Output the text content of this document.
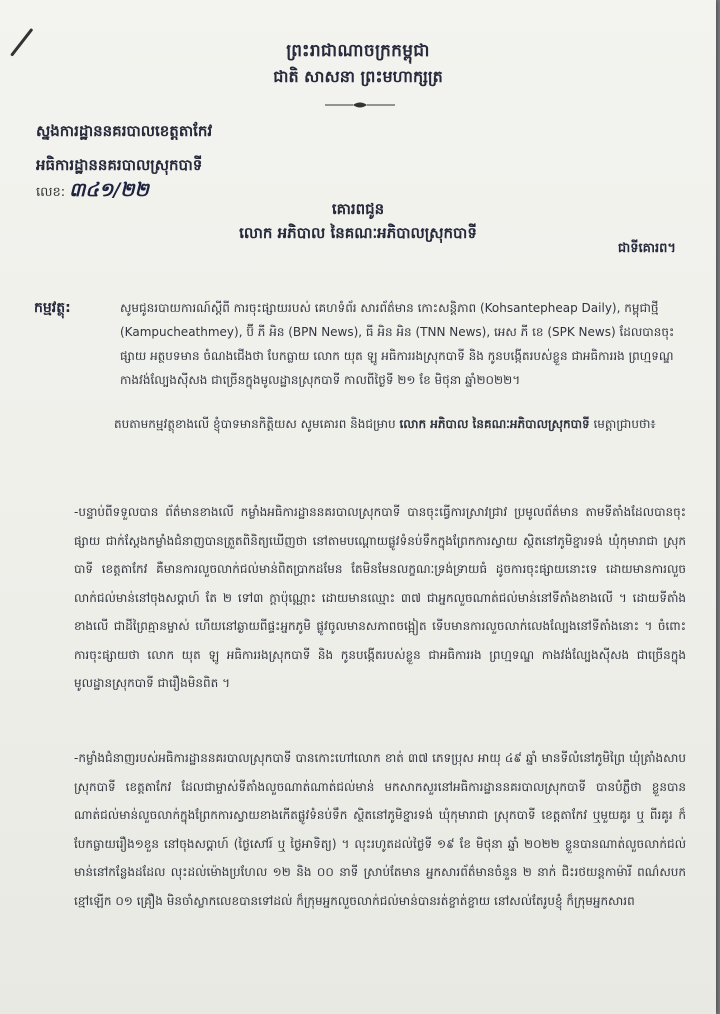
ព្រះរាជាណាចក្រកម្ពុជា
ជាតិ សាសនា ព្រះមហាក្សត្រ
ស្នងការដ្ឋាននគរបាលខេត្តតាកែវ
អធិការដ្ឋាននគរបាលស្រុកបាទី
លេខ: ៣៤១/២២
គោរពជូន
លោក អភិបាល នៃគណៈអភិបាលស្រុកបាទី
ជាទីគោរព។
កម្មវត្ថុ:	សូមជូនរបាយការណ៍ស្តីពី ការចុះផ្សាយរបស់ គេហទំព័រ សារព័ត៌មាន កោះសន្តិភាព (Kohsantepheap Daily), កម្ពុជាថ្មី (Kampucheathmey), ប៊ី ភី អិន (BPN News), ធី អិន អិន (TNN News), អេស ភី ខេ (SPK News) ដែលបានចុះផ្សាយ អត្ថបទមាន ចំណងជើងថា បែកធ្លាយ លោក យុត ឡូ អធិការរងស្រុកបាទី និង កូនបង្កើតរបស់ខ្លួន ជាអធិការរង ព្រហ្មទណ្ឌ កាងវង់ល្បែងស៊ីសង ជាច្រើនក្នុងមូលដ្ឋានស្រុកបាទី កាលពីថ្ងៃទី ២១ ខែ មិថុនា ឆ្នាំ២០២២។
តបតាមកម្មវត្ថុខាងលើ ខ្ញុំបាទមានកិត្តិយស សូមគោរព និងជម្រាប លោក អភិបាល នៃគណៈអភិបាលស្រុកបាទី មេត្តាជ្រាបថា៖
-បន្ទាប់ពីទទួលបាន ព័ត៌មានខាងលើ កម្លាំងអធិការដ្ឋាននគរបាលស្រុកបាទី បានចុះធ្វើការស្រាវជ្រាវ ប្រមូលព័ត៌មាន តាមទីតាំងដែលបានចុះផ្សាយ ជាក់ស្តែងកម្លាំងជំនាញបានត្រួតពិនិត្យឃើញថា នៅតាមបណ្តោយផ្លូវទំនប់ទឹកក្នុងព្រែកការស្វាយ ស្ថិតនៅភូមិខ្នារទង់ ឃុំកុមារាជា ស្រុកបាទី ខេត្តតាកែវ គឺមានការលួចលាក់ជល់មាន់ពិតប្រាកដមែន តែមិនមែនលក្ខណៈទ្រង់ទ្រាយធំ ដូចការចុះផ្សាយនោះទេ ដោយមានការលួចលាក់ជល់មាន់នៅចុងសប្តាហ៍ តែ ២ ទៅ៣ ក្តាប៉ុណ្ណោះ ដោយមានឈ្មោះ ៣៧ ជាអ្នកលួចណាត់ជល់មាន់នៅទីតាំងខាងលើ ។ ដោយទីតាំងខាងលើ ជាដីព្រៃគ្មានម្ចាស់ ហើយនៅឆ្ងាយពីផ្ទះអ្នកភូមិ ផ្លូវចូលមានសភាពចង្អៀត ទើបមានការលួចលាក់លេងល្បែងនៅទីតាំងនោះ ។ ចំពោះការចុះផ្សាយថា លោក យុត ឡូ អធិការរងស្រុកបាទី និង កូនបង្កើតរបស់ខ្លួន ជាអធិការរង ព្រហ្មទណ្ឌ កាងវង់ល្បែងស៊ីសង ជាច្រើនក្នុងមូលដ្ឋានស្រុកបាទី ជារឿងមិនពិត ។
-កម្លាំងជំនាញរបស់អធិការដ្ឋាននគរបាលស្រុកបាទី បានកោះហៅលោក ខាត់ ៣៧ ភេទប្រុស អាយុ ៤៩ ឆ្នាំ មានទីលំនៅភូមិព្រៃ ឃុំត្រាំងសាប ស្រុកបាទី ខេត្តតាកែវ ដែលជាម្ចាស់ទីតាំងលួចណាត់ណាត់ជល់មាន់ មកសាកសួរនៅអធិការដ្ឋាននគរបាលស្រុកបាទី បានបំភ្លឺថា ខ្លួនបានណាត់ជល់មាន់លួចលាក់ក្នុងព្រែកការស្វាយខាងកើតផ្លូវទំនប់ទឹក ស្ថិតនៅភូមិខ្នារទង់ ឃុំកុមារាជា ស្រុកបាទី ខេត្តតាកែវ ឬមួយគូរ ឬ ពីរគូរ ក៏ បែកធ្លាយរឿង១ខួន នៅចុងសប្តាហ៍ (ថ្ងៃសៅរ៍ ឬ ថ្ងៃអាទិត្យ) ។ លុះរហូតដល់ថ្ងៃទី ១៩ ខែ មិថុនា ឆ្នាំ ២០២២ ខ្លួនបានណាត់លួចលាក់ជល់មាន់នៅកន្លែងដដែល លុះដល់ម៉ោងប្រហែល ១២ និង ០០ នាទី ស្រាប់តែមាន អ្នកសារព័ត៌មានចំនួន ២ នាក់ ជិះរថយន្តកាម៉ារី ពណ៌សបកខ្មៅឡើក ០១ គ្រឿង មិនចាំស្លាកលេខបានទៅដល់ ក៏ក្រុមអ្នកលួចលាក់ជល់មាន់បានរត់ខ្ចាត់ខ្ចាយ នៅសល់តែរូបខ្ញុំ ក៏ក្រុមអ្នកសារព
